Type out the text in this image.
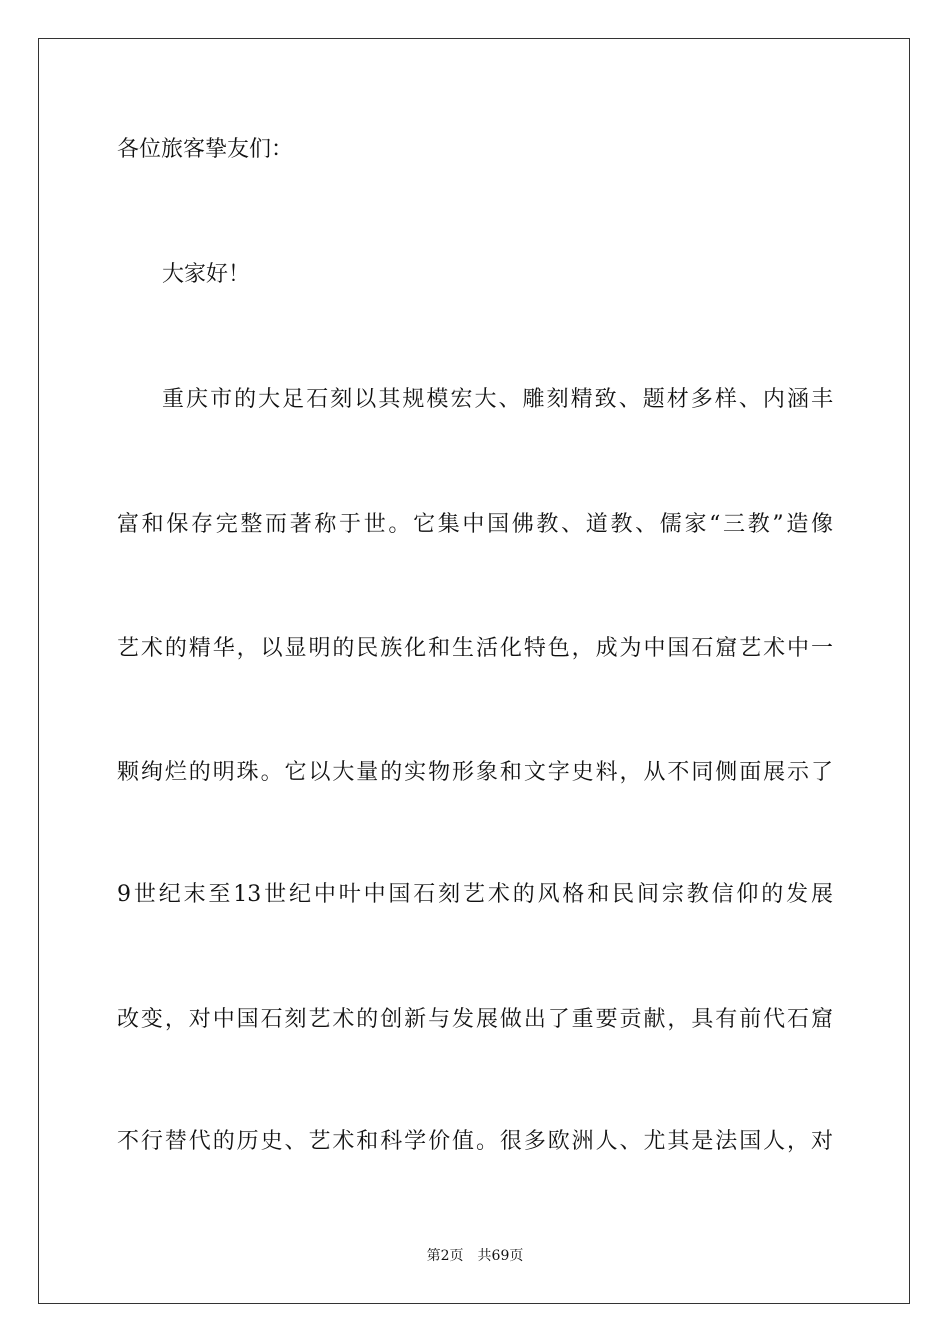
各位旅客挚友们：
大家好！
重庆市的大足石刻以其规模宏大、雕刻精致、题材多样、内涵丰
富和保存完整而著称于世。它集中国佛教、道教、儒家“三教”造像
艺术的精华，以显明的民族化和生活化特色，成为中国石窟艺术中一
颗绚烂的明珠。它以大量的实物形象和文字史料，从不同侧面展示了
9世纪末至13世纪中叶中国石刻艺术的风格和民间宗教信仰的发展
改变，对中国石刻艺术的创新与发展做出了重要贡献，具有前代石窟
不行替代的历史、艺术和科学价值。很多欧洲人、尤其是法国人，对
第2页 共69页
